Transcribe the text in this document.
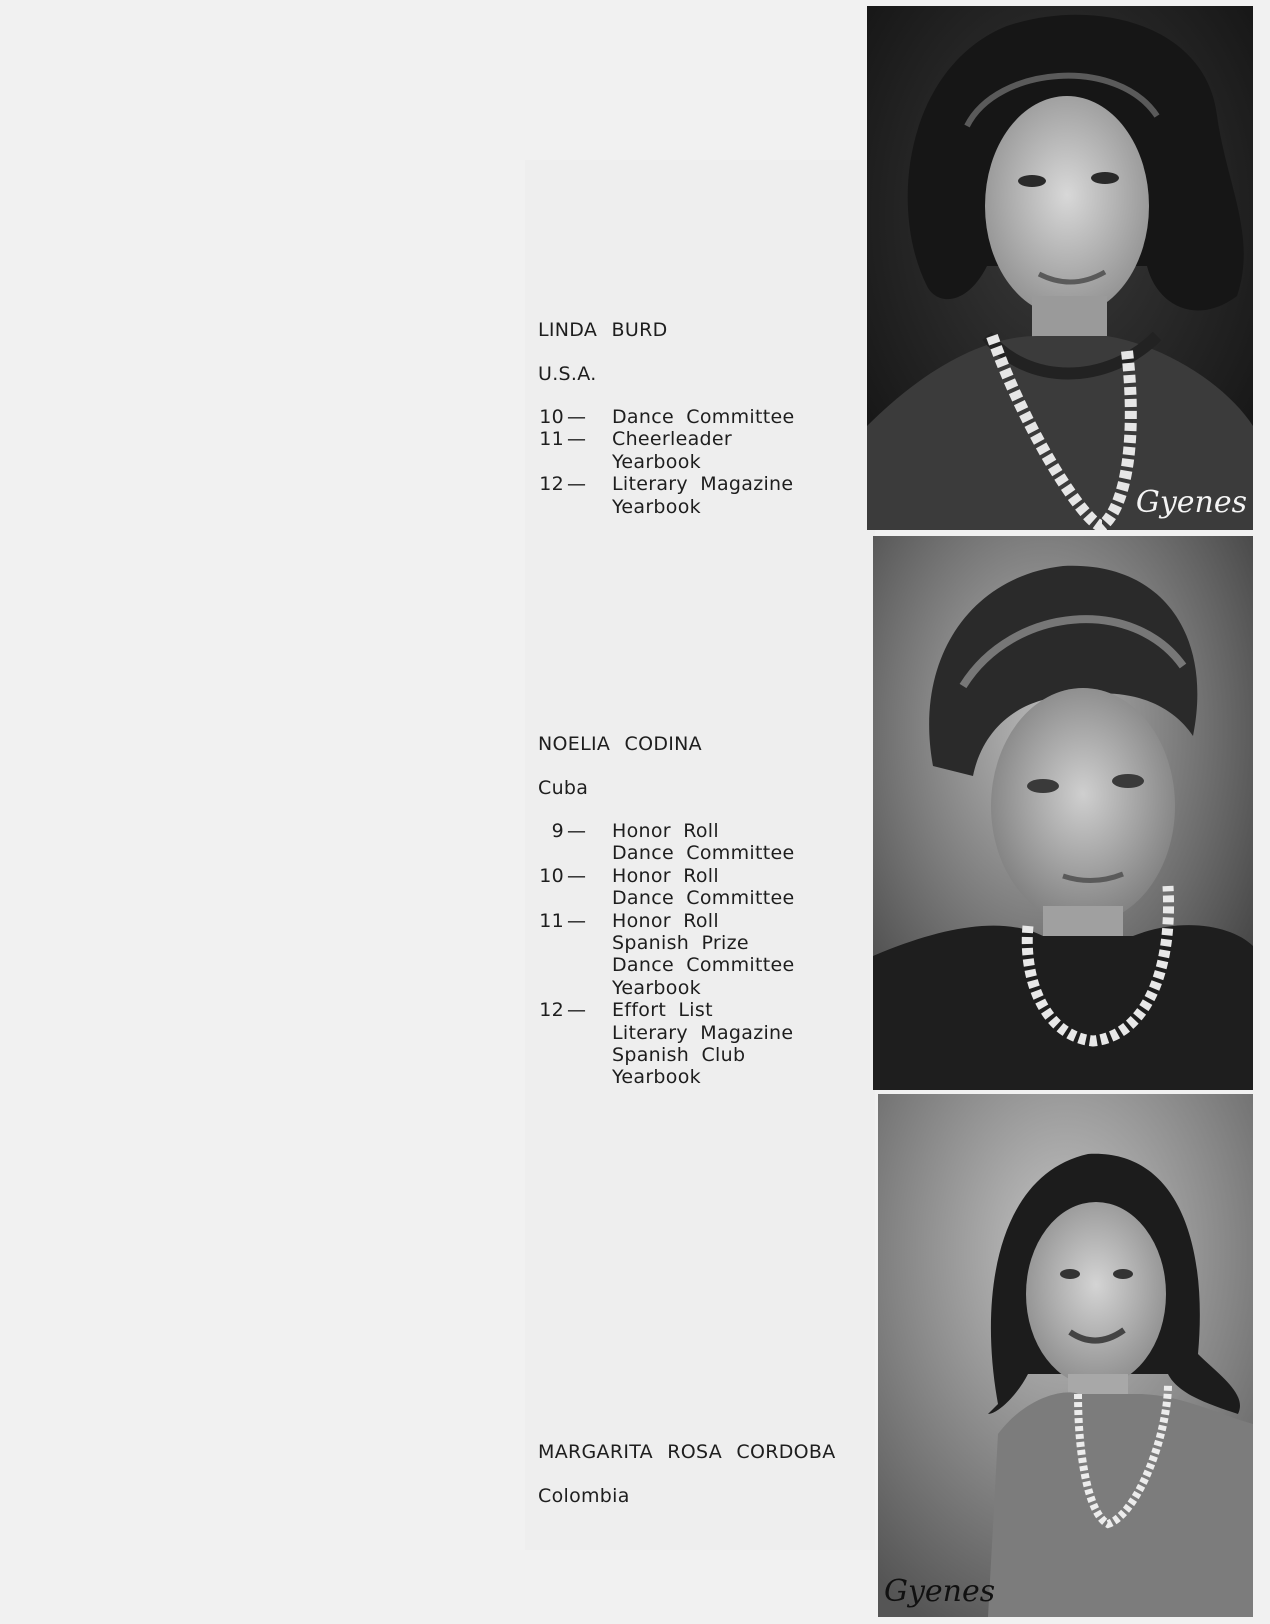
LINDA BURD
U.S.A.
10 —	Dance Committee
11 —	Cheerleader
Yearbook
12 —	Literary Magazine
Yearbook
NOELIA CODINA
Cuba
9 —	Honor Roll
Dance Committee
10 —	Honor Roll
Dance Committee
11 —	Honor Roll
Spanish Prize
Dance Committee
Yearbook
12 —	Effort List
Literary Magazine
Spanish Club
Yearbook
MARGARITA ROSA CORDOBA
Colombia
Gyenes
Gyenes
